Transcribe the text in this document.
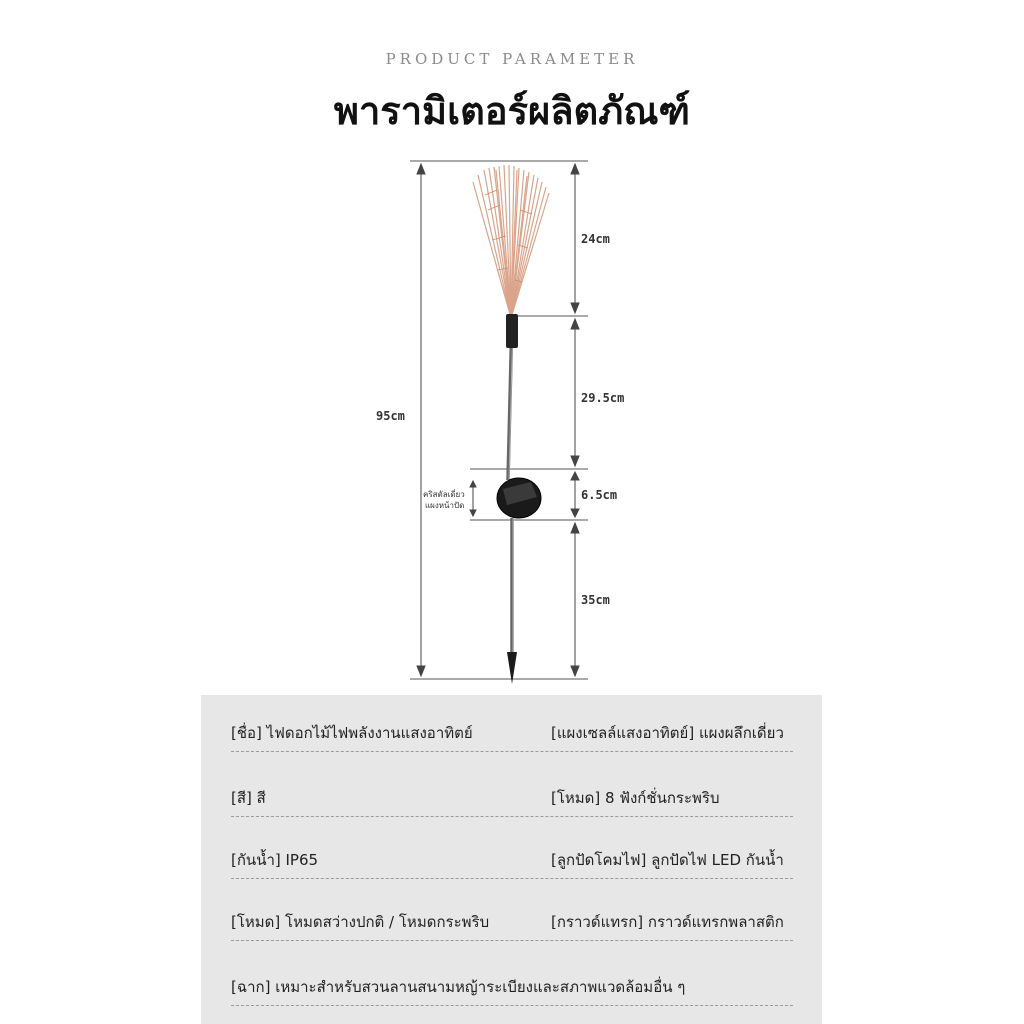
PRODUCT PARAMETER
พารามิเตอร์ผลิตภัณฑ์
95cm
24cm
29.5cm
6.5cm
35cm
คริสตัลเดี่ยว
แผงหน้าปัด
[ชื่อ] ไฟดอกไม้ไฟพลังงานแสงอาทิตย์	[แผงเซลล์แสงอาทิตย์] แผงผลึกเดี่ยว
[สี] สี	[โหมด] 8 ฟังก์ชั่นกระพริบ
[กันน้ำ] IP65	[ลูกปัดโคมไฟ] ลูกปัดไฟ LED กันน้ำ
[โหมด] โหมดสว่างปกติ / โหมดกระพริบ	[กราวด์แทรก] กราวด์แทรกพลาสติก
[ฉาก] เหมาะสำหรับสวนลานสนามหญ้าระเบียงและสภาพแวดล้อมอื่น ๆ
